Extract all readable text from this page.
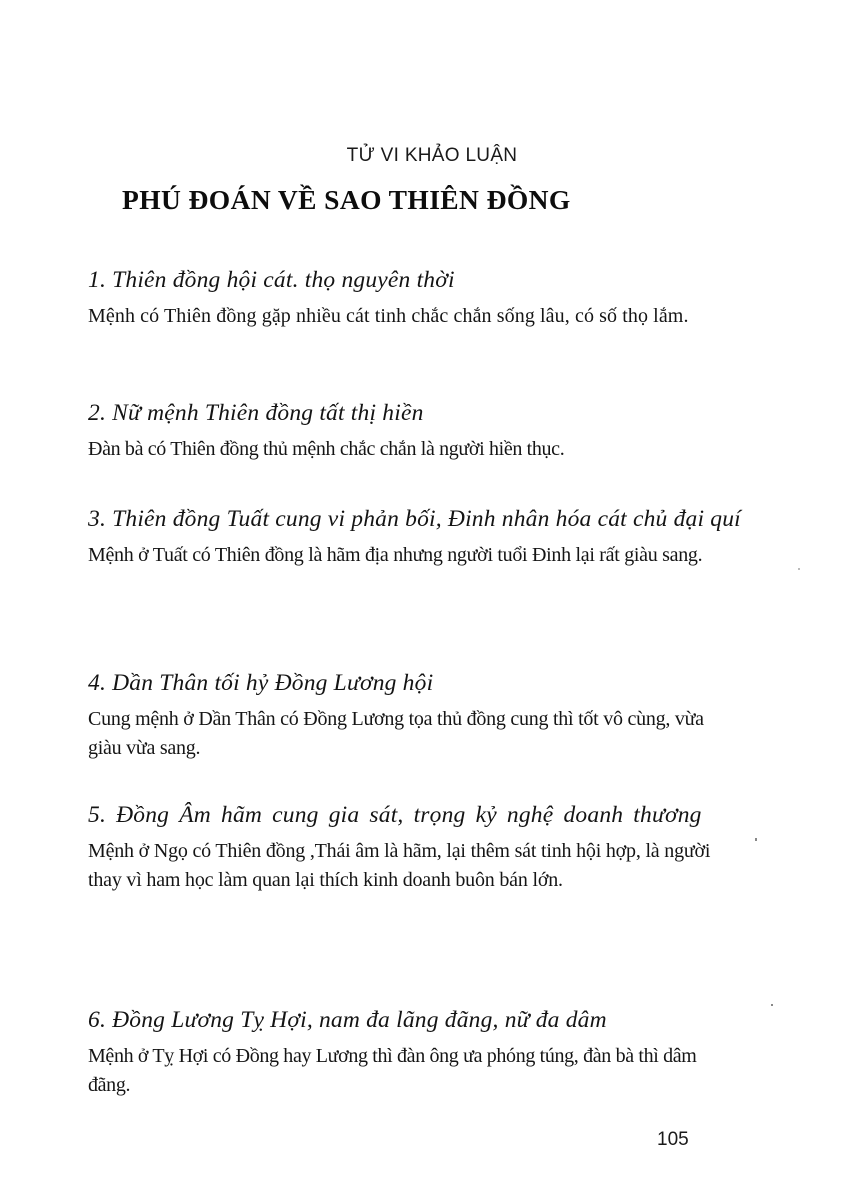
TỬ VI KHẢO LUẬN
PHÚ ĐOÁN VỀ SAO THIÊN ĐỒNG

1. Thiên đồng hội cát. thọ nguyên thời

Mệnh có Thiên đồng gặp nhiều cát tinh chắc chắn sống lâu, có số thọ lắm.

2. Nữ mệnh Thiên đồng tất thị hiền

Đàn bà có Thiên đồng thủ mệnh chắc chắn là người hiền thục.

3. Thiên đồng Tuất cung vi phản bối, Đinh nhân hóa cát chủ đại quí

Mệnh ở Tuất có Thiên đồng là hãm địa nhưng người tuổi Đinh lại rất giàu sang.

4. Dần Thân tối hỷ Đồng Lương hội

Cung mệnh ở Dần Thân có Đồng Lương tọa thủ đồng cung thì tốt vô cùng, vừa giàu vừa sang.

5. Đồng Âm hãm cung gia sát, trọng kỷ nghệ doanh thương

Mệnh ở Ngọ có Thiên đồng ,Thái âm là hãm, lại thêm sát tinh hội hợp, là người thay vì ham học làm quan lại thích kinh doanh buôn bán lớn.

6. Đồng Lương Tỵ Hợi, nam đa lãng đãng, nữ đa dâm

Mệnh ở Tỵ Hợi có Đồng hay Lương thì đàn ông ưa phóng túng, đàn bà thì dâm đãng.

105
